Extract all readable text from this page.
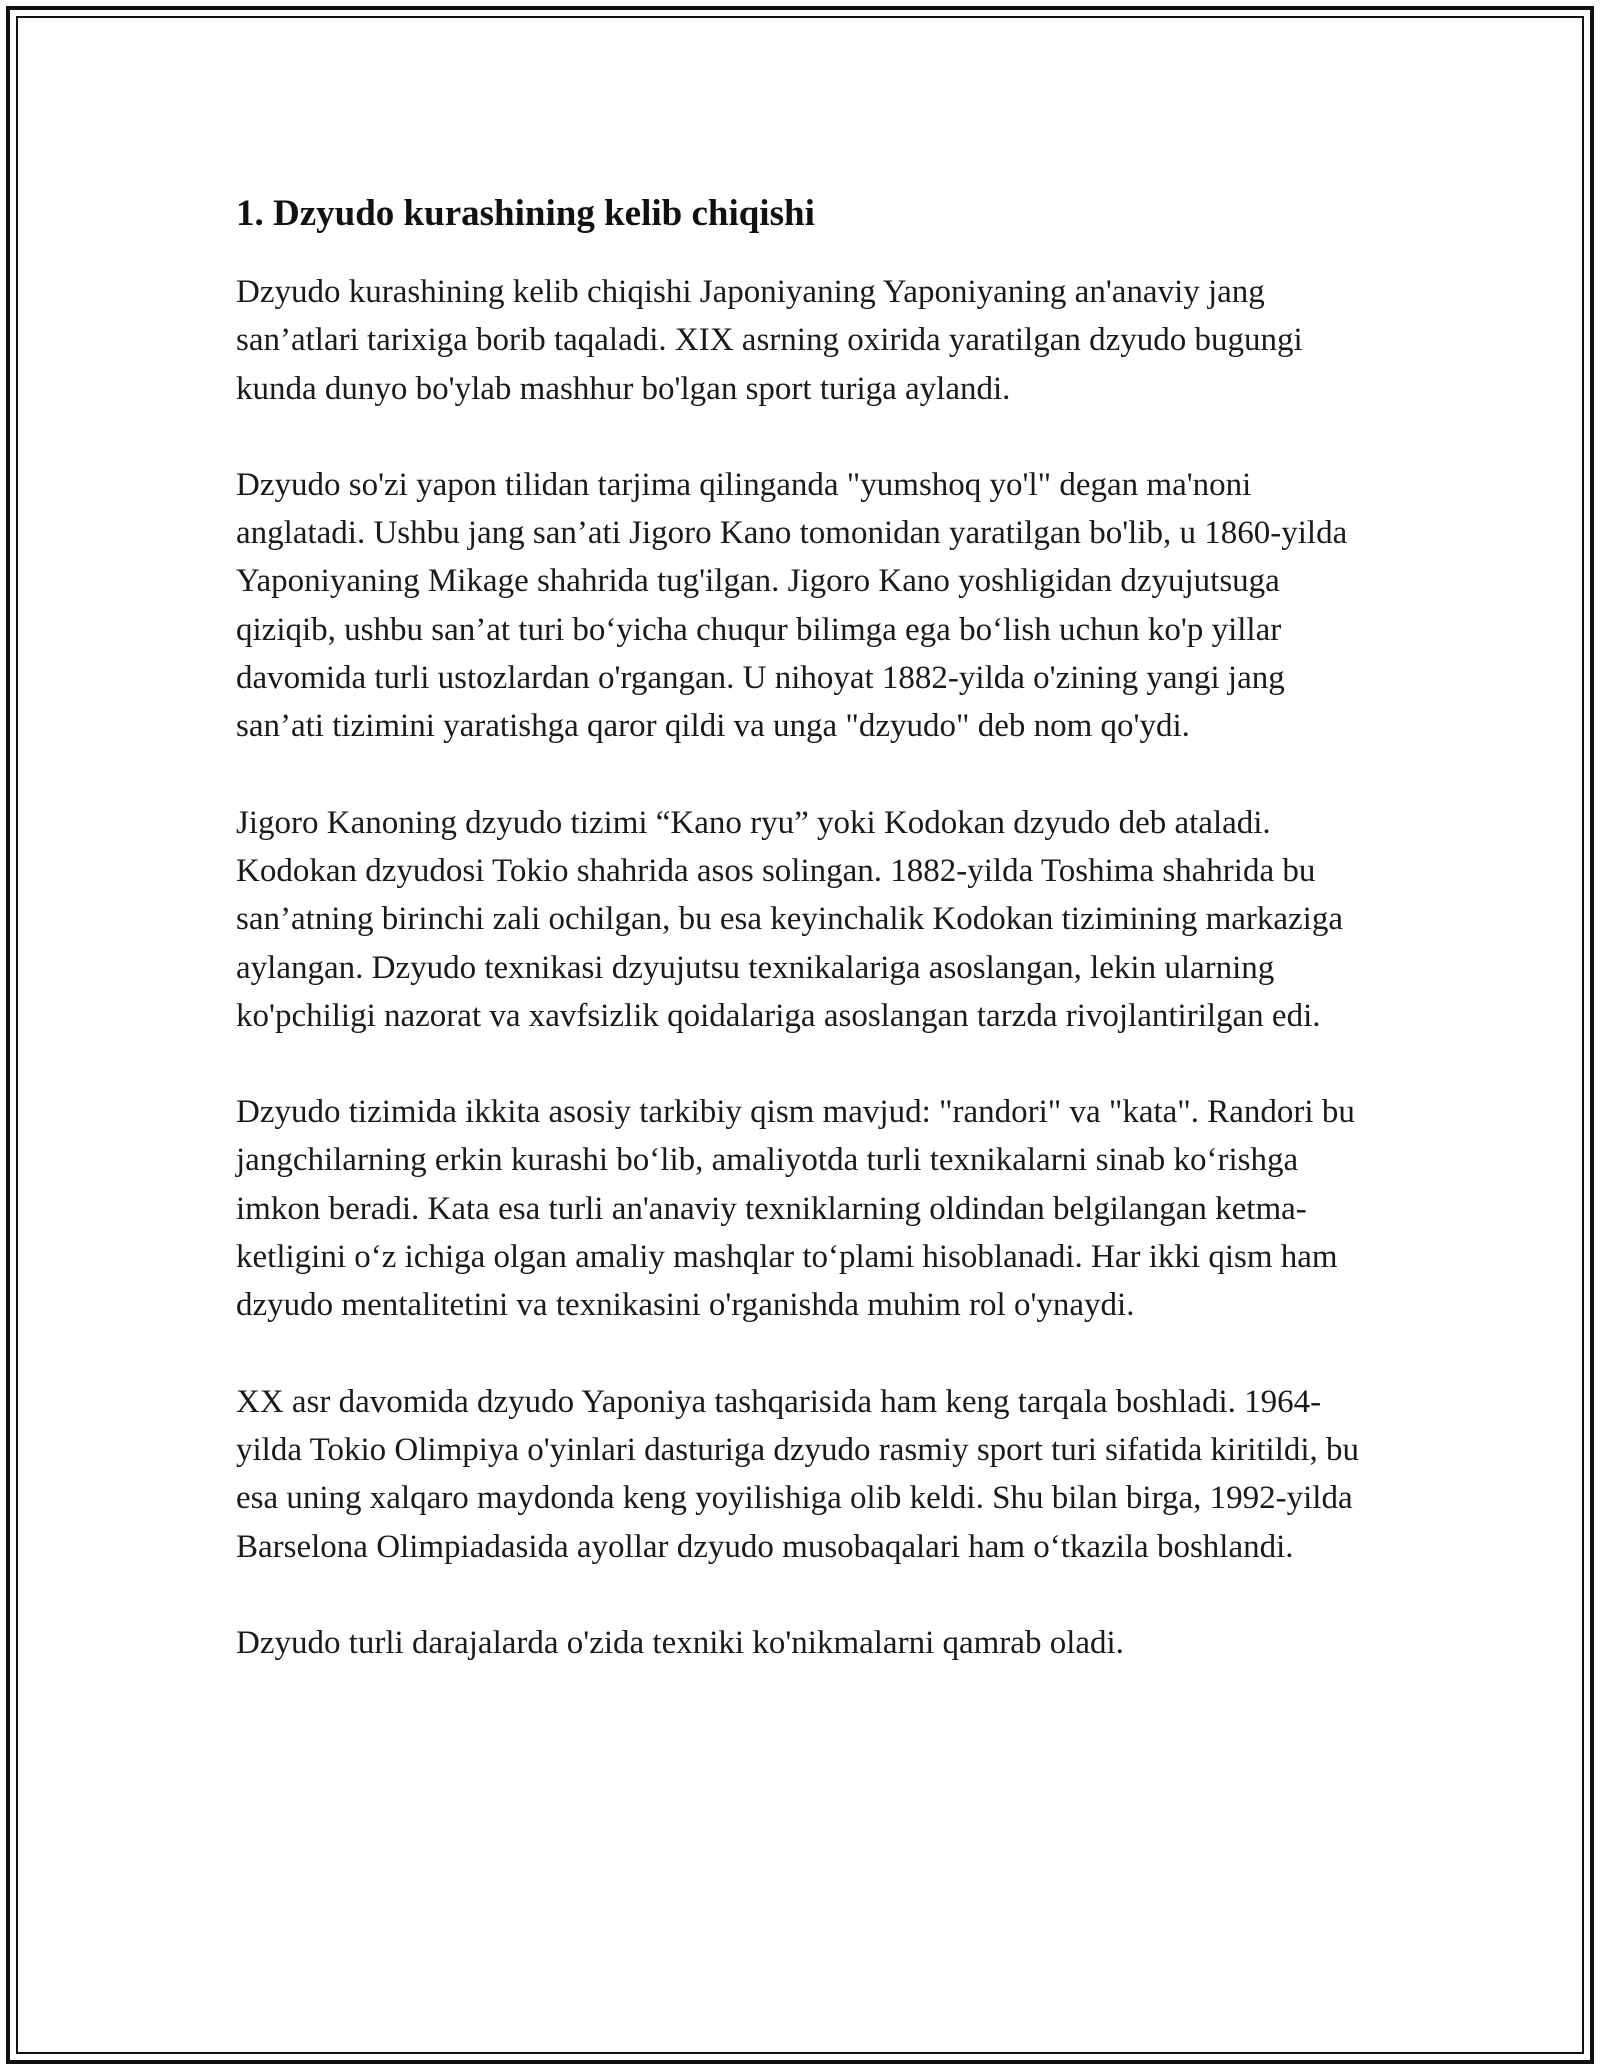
1. Dzyudo kurashining kelib chiqishi

Dzyudo kurashining kelib chiqishi Japoniyaning Yaponiyaning an'anaviy jang san’atlari tarixiga borib taqaladi. XIX asrning oxirida yaratilgan dzyudo bugungi kunda dunyo bo'ylab mashhur bo'lgan sport turiga aylandi.

Dzyudo so'zi yapon tilidan tarjima qilinganda "yumshoq yo'l" degan ma'noni anglatadi. Ushbu jang san’ati Jigoro Kano tomonidan yaratilgan bo'lib, u 1860-yilda Yaponiyaning Mikage shahrida tug'ilgan. Jigoro Kano yoshligidan dzyujutsuga qiziqib, ushbu san’at turi bo‘yicha chuqur bilimga ega bo‘lish uchun ko'p yillar davomida turli ustozlardan o'rgangan. U nihoyat 1882-yilda o'zining yangi jang san’ati tizimini yaratishga qaror qildi va unga "dzyudo" deb nom qo'ydi.

Jigoro Kanoning dzyudo tizimi “Kano ryu” yoki Kodokan dzyudo deb ataladi. Kodokan dzyudosi Tokio shahrida asos solingan. 1882-yilda Toshima shahrida bu san’atning birinchi zali ochilgan, bu esa keyinchalik Kodokan tizimining markaziga aylangan. Dzyudo texnikasi dzyujutsu texnikalariga asoslangan, lekin ularning ko'pchiligi nazorat va xavfsizlik qoidalariga asoslangan tarzda rivojlantirilgan edi.

Dzyudo tizimida ikkita asosiy tarkibiy qism mavjud: "randori" va "kata". Randori bu jangchilarning erkin kurashi bo‘lib, amaliyotda turli texnikalarni sinab ko‘rishga imkon beradi. Kata esa turli an'anaviy texniklarning oldindan belgilangan ketma-ketligini o‘z ichiga olgan amaliy mashqlar to‘plami hisoblanadi. Har ikki qism ham dzyudo mentalitetini va texnikasini o'rganishda muhim rol o'ynaydi.

XX asr davomida dzyudo Yaponiya tashqarisida ham keng tarqala boshladi. 1964-yilda Tokio Olimpiya o'yinlari dasturiga dzyudo rasmiy sport turi sifatida kiritildi, bu esa uning xalqaro maydonda keng yoyilishiga olib keldi. Shu bilan birga, 1992-yilda Barselona Olimpiadasida ayollar dzyudo musobaqalari ham o‘tkazila boshlandi.

Dzyudo turli darajalarda o'zida texniki ko'nikmalarni qamrab oladi.
